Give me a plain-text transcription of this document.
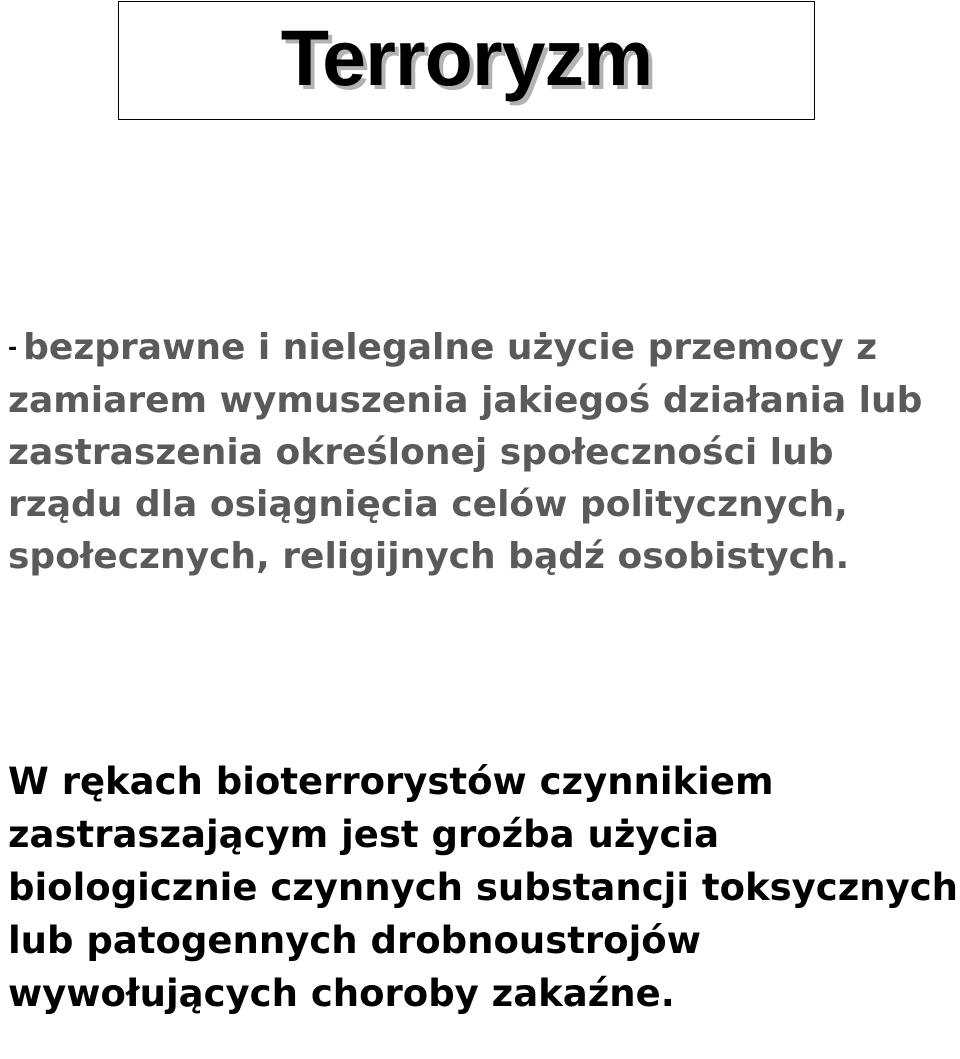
Terroryzm

- bezprawne i nielegalne użycie przemocy z zamiarem wymuszenia jakiegoś działania lub zastraszenia określonej społeczności lub rządu dla osiągnięcia celów politycznych, społecznych, religijnych bądź osobistych.

W rękach bioterrorystów czynnikiem zastraszającym jest groźba użycia biologicznie czynnych substancji toksycznych lub patogennych drobnoustrojów wywołujących choroby zakaźne.
